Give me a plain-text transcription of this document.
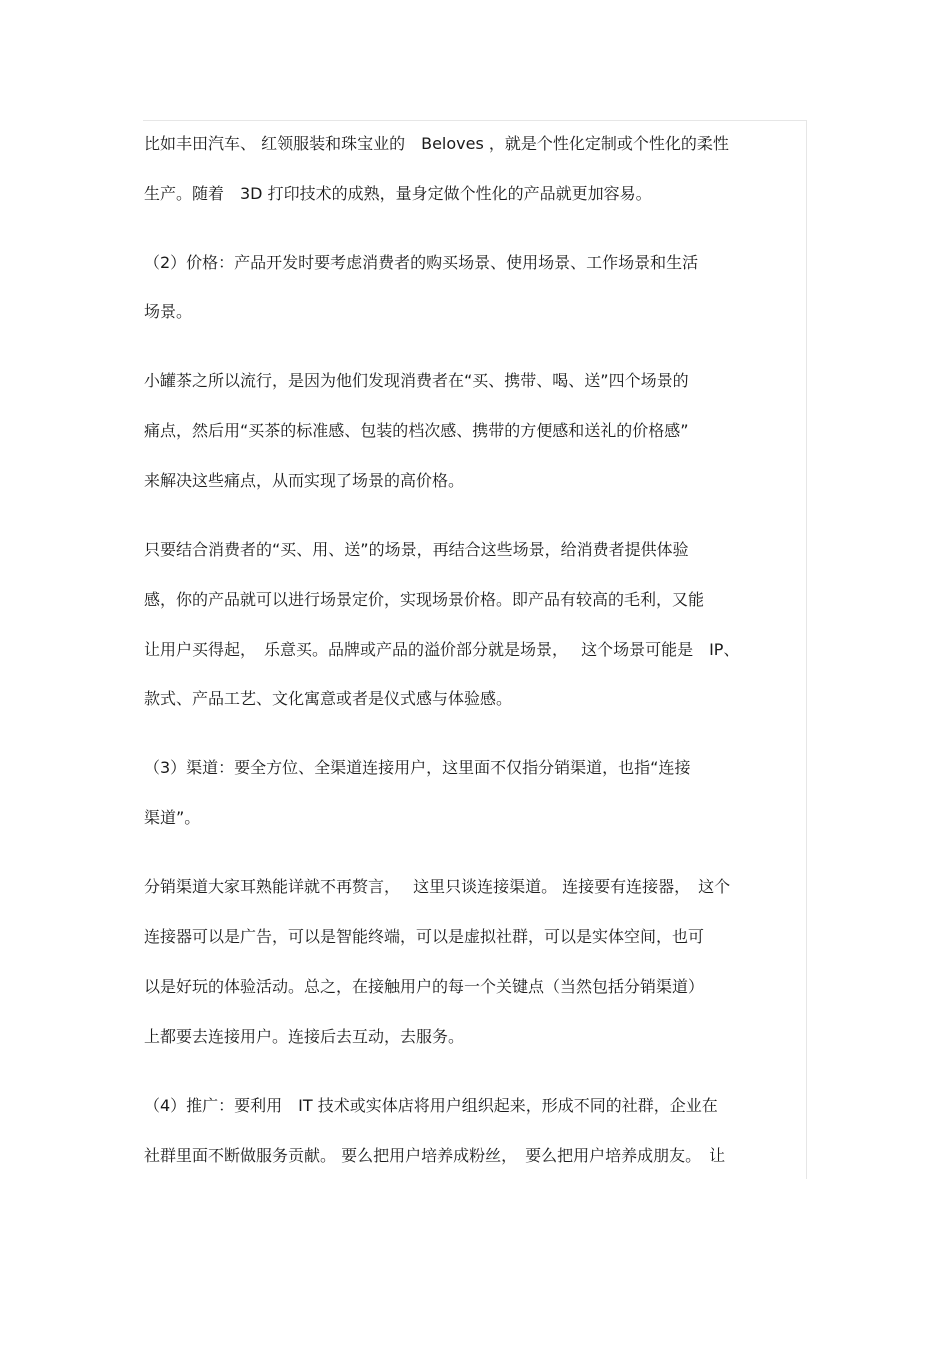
比如丰田汽车、 红领服装和珠宝业的　Beloves ，就是个性化定制或个性化的柔性

生产。随着　3D 打印技术的成熟，量身定做个性化的产品就更加容易。

（2）价格：产品开发时要考虑消费者的购买场景、使用场景、工作场景和生活

场景。

小罐茶之所以流行，是因为他们发现消费者在“买、携带、喝、送”四个场景的

痛点，然后用“买茶的标准感、包装的档次感、携带的方便感和送礼的价格感”

来解决这些痛点，从而实现了场景的高价格。

只要结合消费者的“买、用、送”的场景，再结合这些场景，给消费者提供体验

感，你的产品就可以进行场景定价，实现场景价格。即产品有较高的毛利，又能

让用户买得起，　乐意买。品牌或产品的溢价部分就是场景，　 这个场景可能是　IP、

款式、产品工艺、文化寓意或者是仪式感与体验感。

（3）渠道：要全方位、全渠道连接用户，这里面不仅指分销渠道，也指“连接

渠道”。

分销渠道大家耳熟能详就不再赘言，　 这里只谈连接渠道。 连接要有连接器，　这个

连接器可以是广告，可以是智能终端，可以是虚拟社群，可以是实体空间，也可

以是好玩的体验活动。总之，在接触用户的每一个关键点（当然包括分销渠道）

上都要去连接用户。连接后去互动，去服务。

（4）推广：要利用　IT 技术或实体店将用户组织起来，形成不同的社群，企业在

社群里面不断做服务贡献。 要么把用户培养成粉丝，　要么把用户培养成朋友。　让
